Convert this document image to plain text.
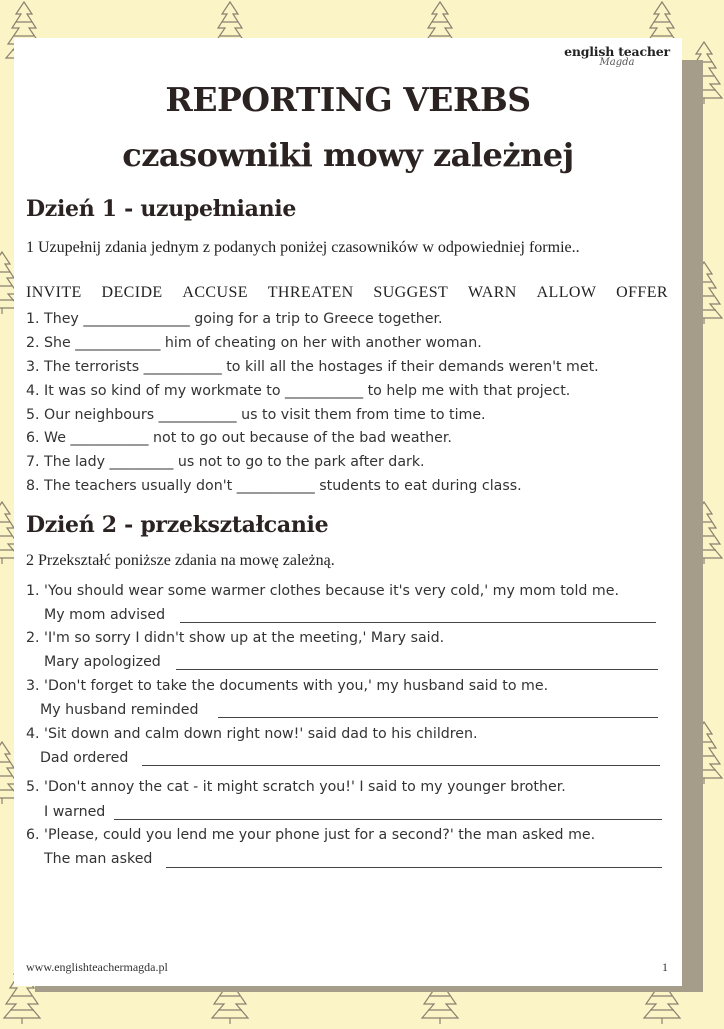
english teacher
Magda
REPORTING VERBS
czasowniki mowy zależnej
Dzień 1 - uzupełnianie
1 Uzupełnij zdania jednym z podanych poniżej czasowników w odpowiedniej formie..
INVITE DECIDE ACCUSE THREATEN SUGGEST WARN ALLOW OFFER
1. They _______________ going for a trip to Greece together.
2. She ____________ him of cheating on her with another woman.
3. The terrorists ___________ to kill all the hostages if their demands weren't met.
4. It was so kind of my workmate to ___________ to help me with that project.
5. Our neighbours ___________ us to visit them from time to time.
6. We ___________ not to go out because of the bad weather.
7. The lady _________ us not to go to the park after dark.
8. The teachers usually don't ___________ students to eat during class.
Dzień 2 - przekształcanie
2 Przekształć poniższe zdania na mowę zależną.
1. 'You should wear some warmer clothes because it's very cold,' my mom told me.
My mom advised
2. 'I'm so sorry I didn't show up at the meeting,' Mary said.
Mary apologized
3. 'Don't forget to take the documents with you,' my husband said to me.
My husband reminded
4. 'Sit down and calm down right now!' said dad to his children.
Dad ordered
5. 'Don't annoy the cat - it might scratch you!' I said to my younger brother.
I warned
6. 'Please, could you lend me your phone just for a second?' the man asked me.
The man asked
www.englishteachermagda.pl	1
